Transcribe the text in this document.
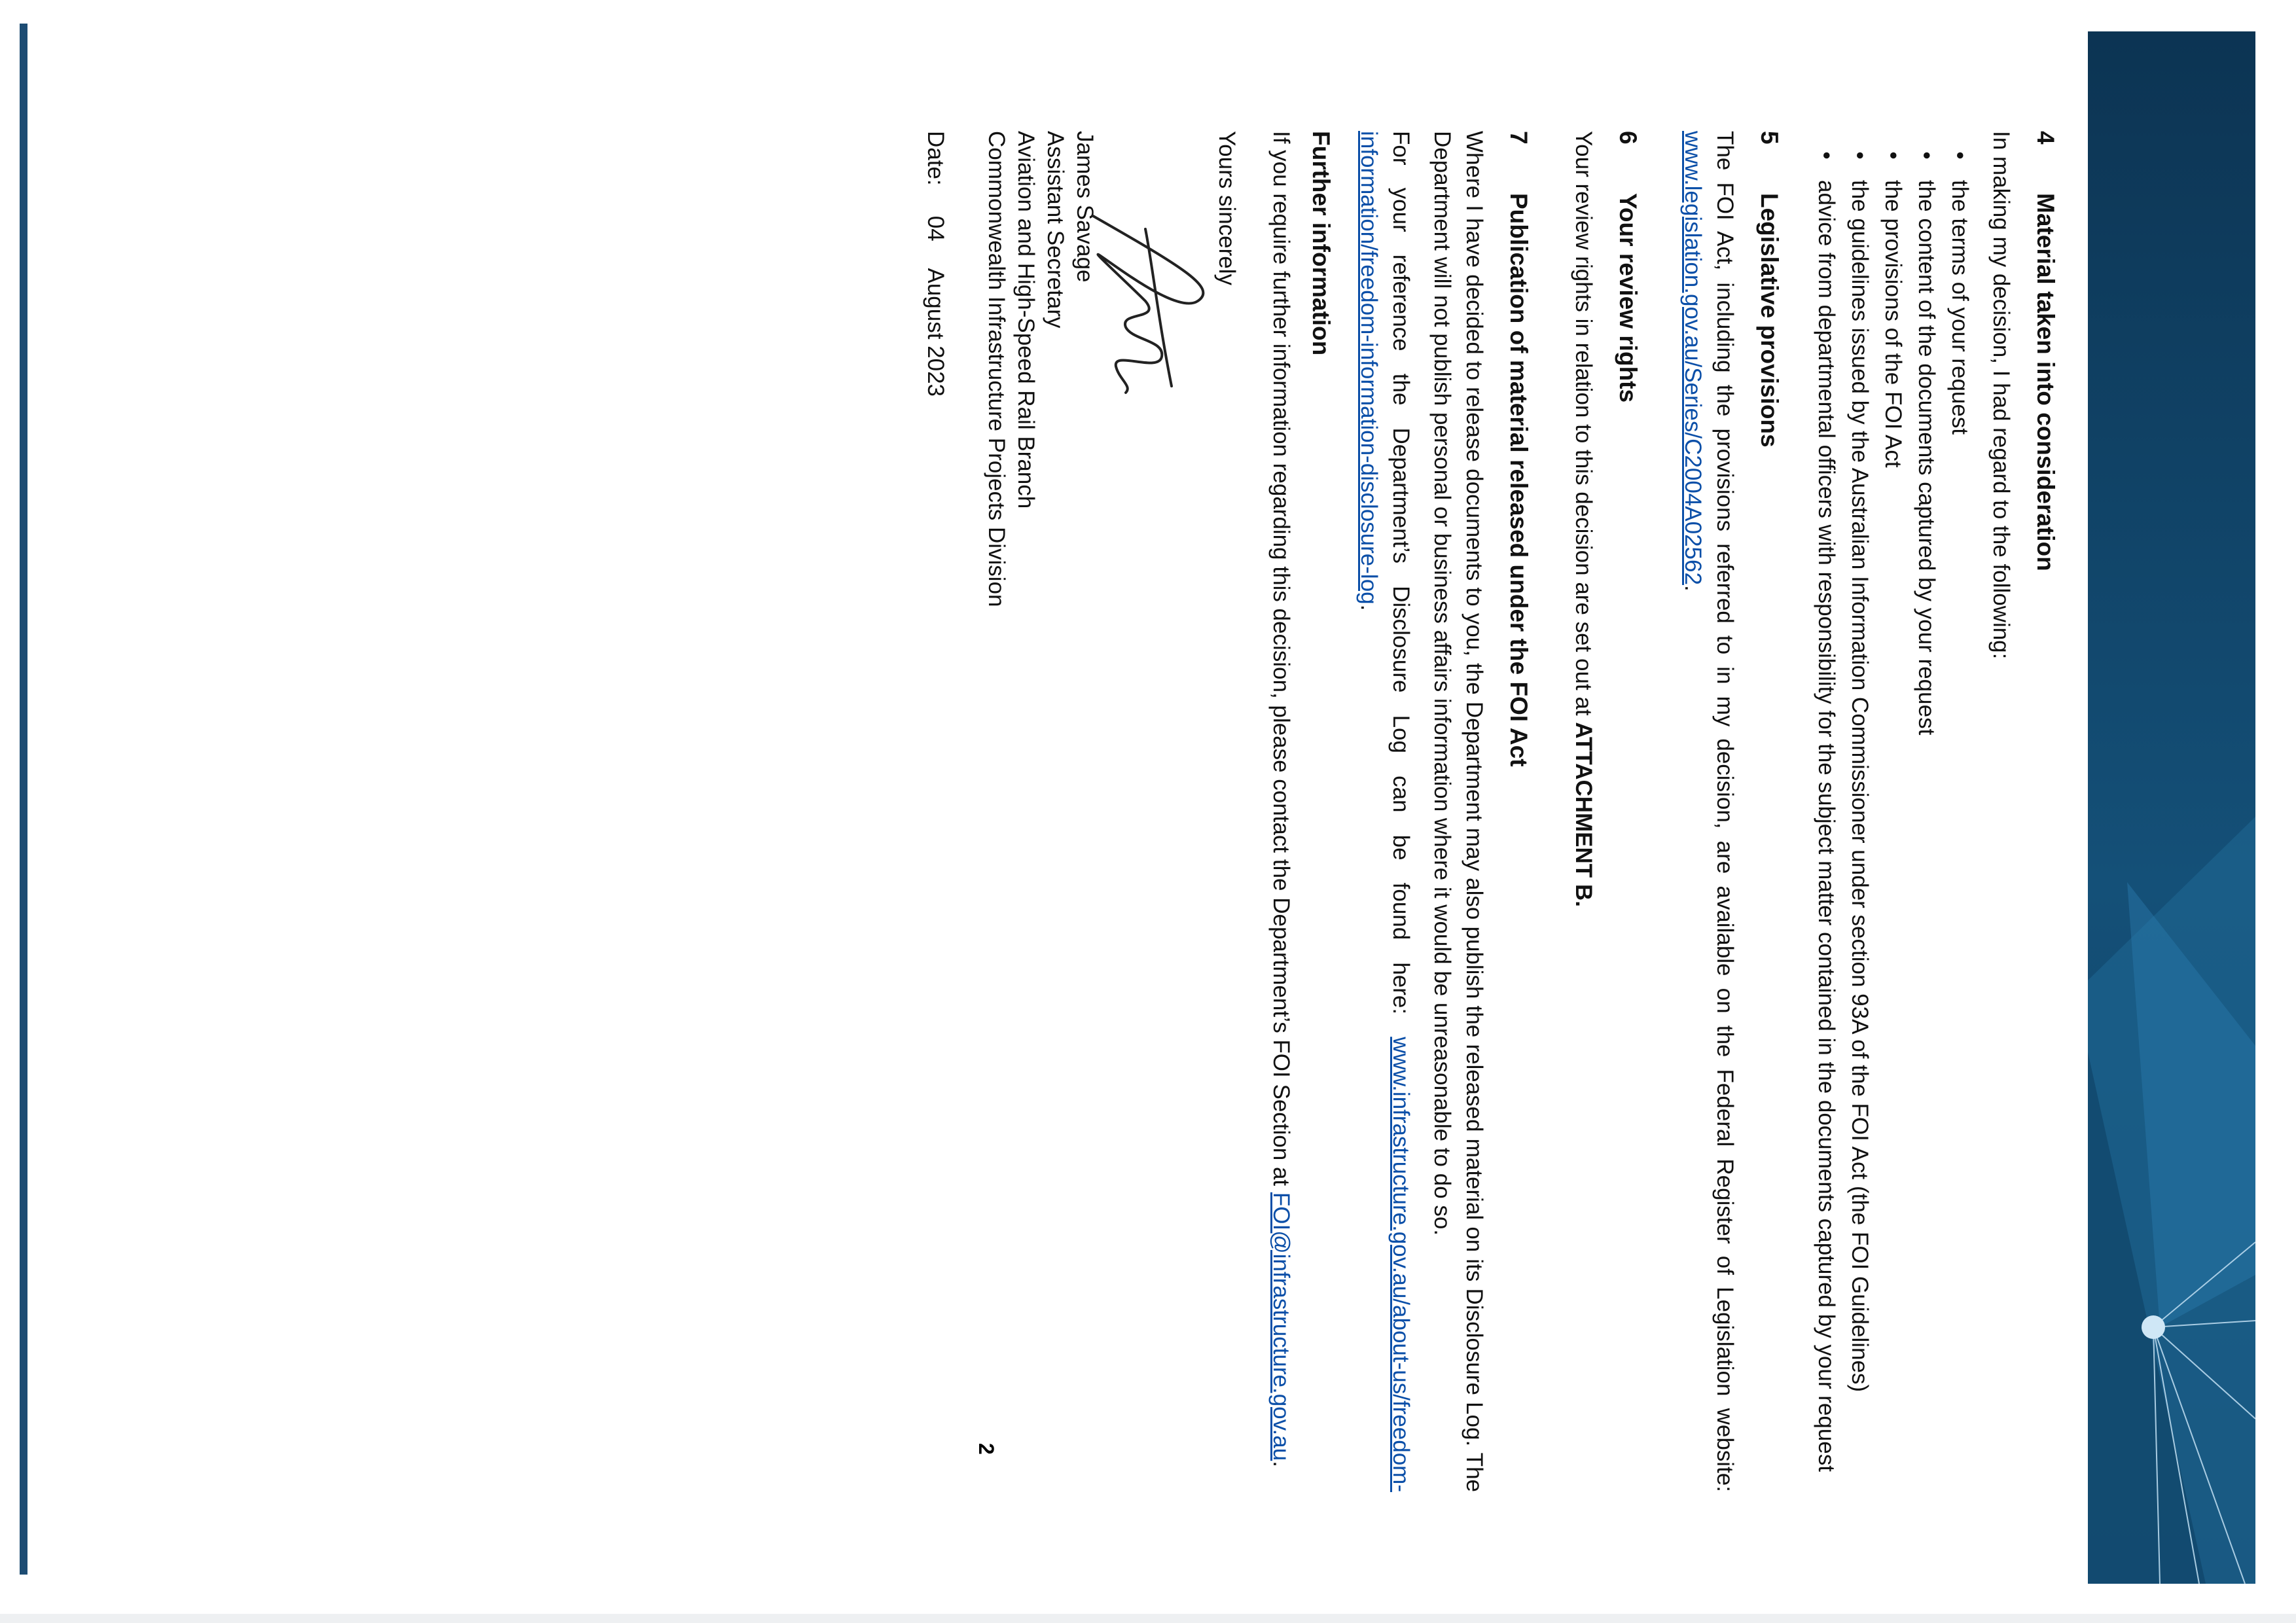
2
4
Material taken into consideration

In making my decision, I had regard to the following:

•
the terms of your request
•
the content of the documents captured by your request
•
the provisions of the FOI Act
•
the guidelines issued by the Australian Information Commissioner under section 93A of the FOI Act (the FOI Guidelines)
•
advice from departmental officers with responsibility for the subject matter contained in the documents captured by your request
5
Legislative provisions

The FOI Act, including the provisions referred to in my decision, are available on the Federal Register of Legislation website: www.legislation.gov.au/Series/C2004A02562.

6
Your review rights

Your review rights in relation to this decision are set out at ATTACHMENT B.

7
Publication of material released under the FOI Act

Where I have decided to release documents to you, the Department may also publish the released material on its Disclosure Log. The Department will not publish personal or business affairs information where it would be unreasonable to do so.

For your reference the Department’s Disclosure Log can be found here: www.infrastructure.gov.au/about-us/freedom-information/freedom-information-disclosure-log.

Further information

If you require further information regarding this decision, please contact the Department’s FOI Section at FOI@infrastructure.gov.au.

Yours sincerely

James Savage
Assistant Secretary
Aviation and High-Speed Rail Branch
Commonwealth Infrastructure Projects Division
Date: 04 August 2023
